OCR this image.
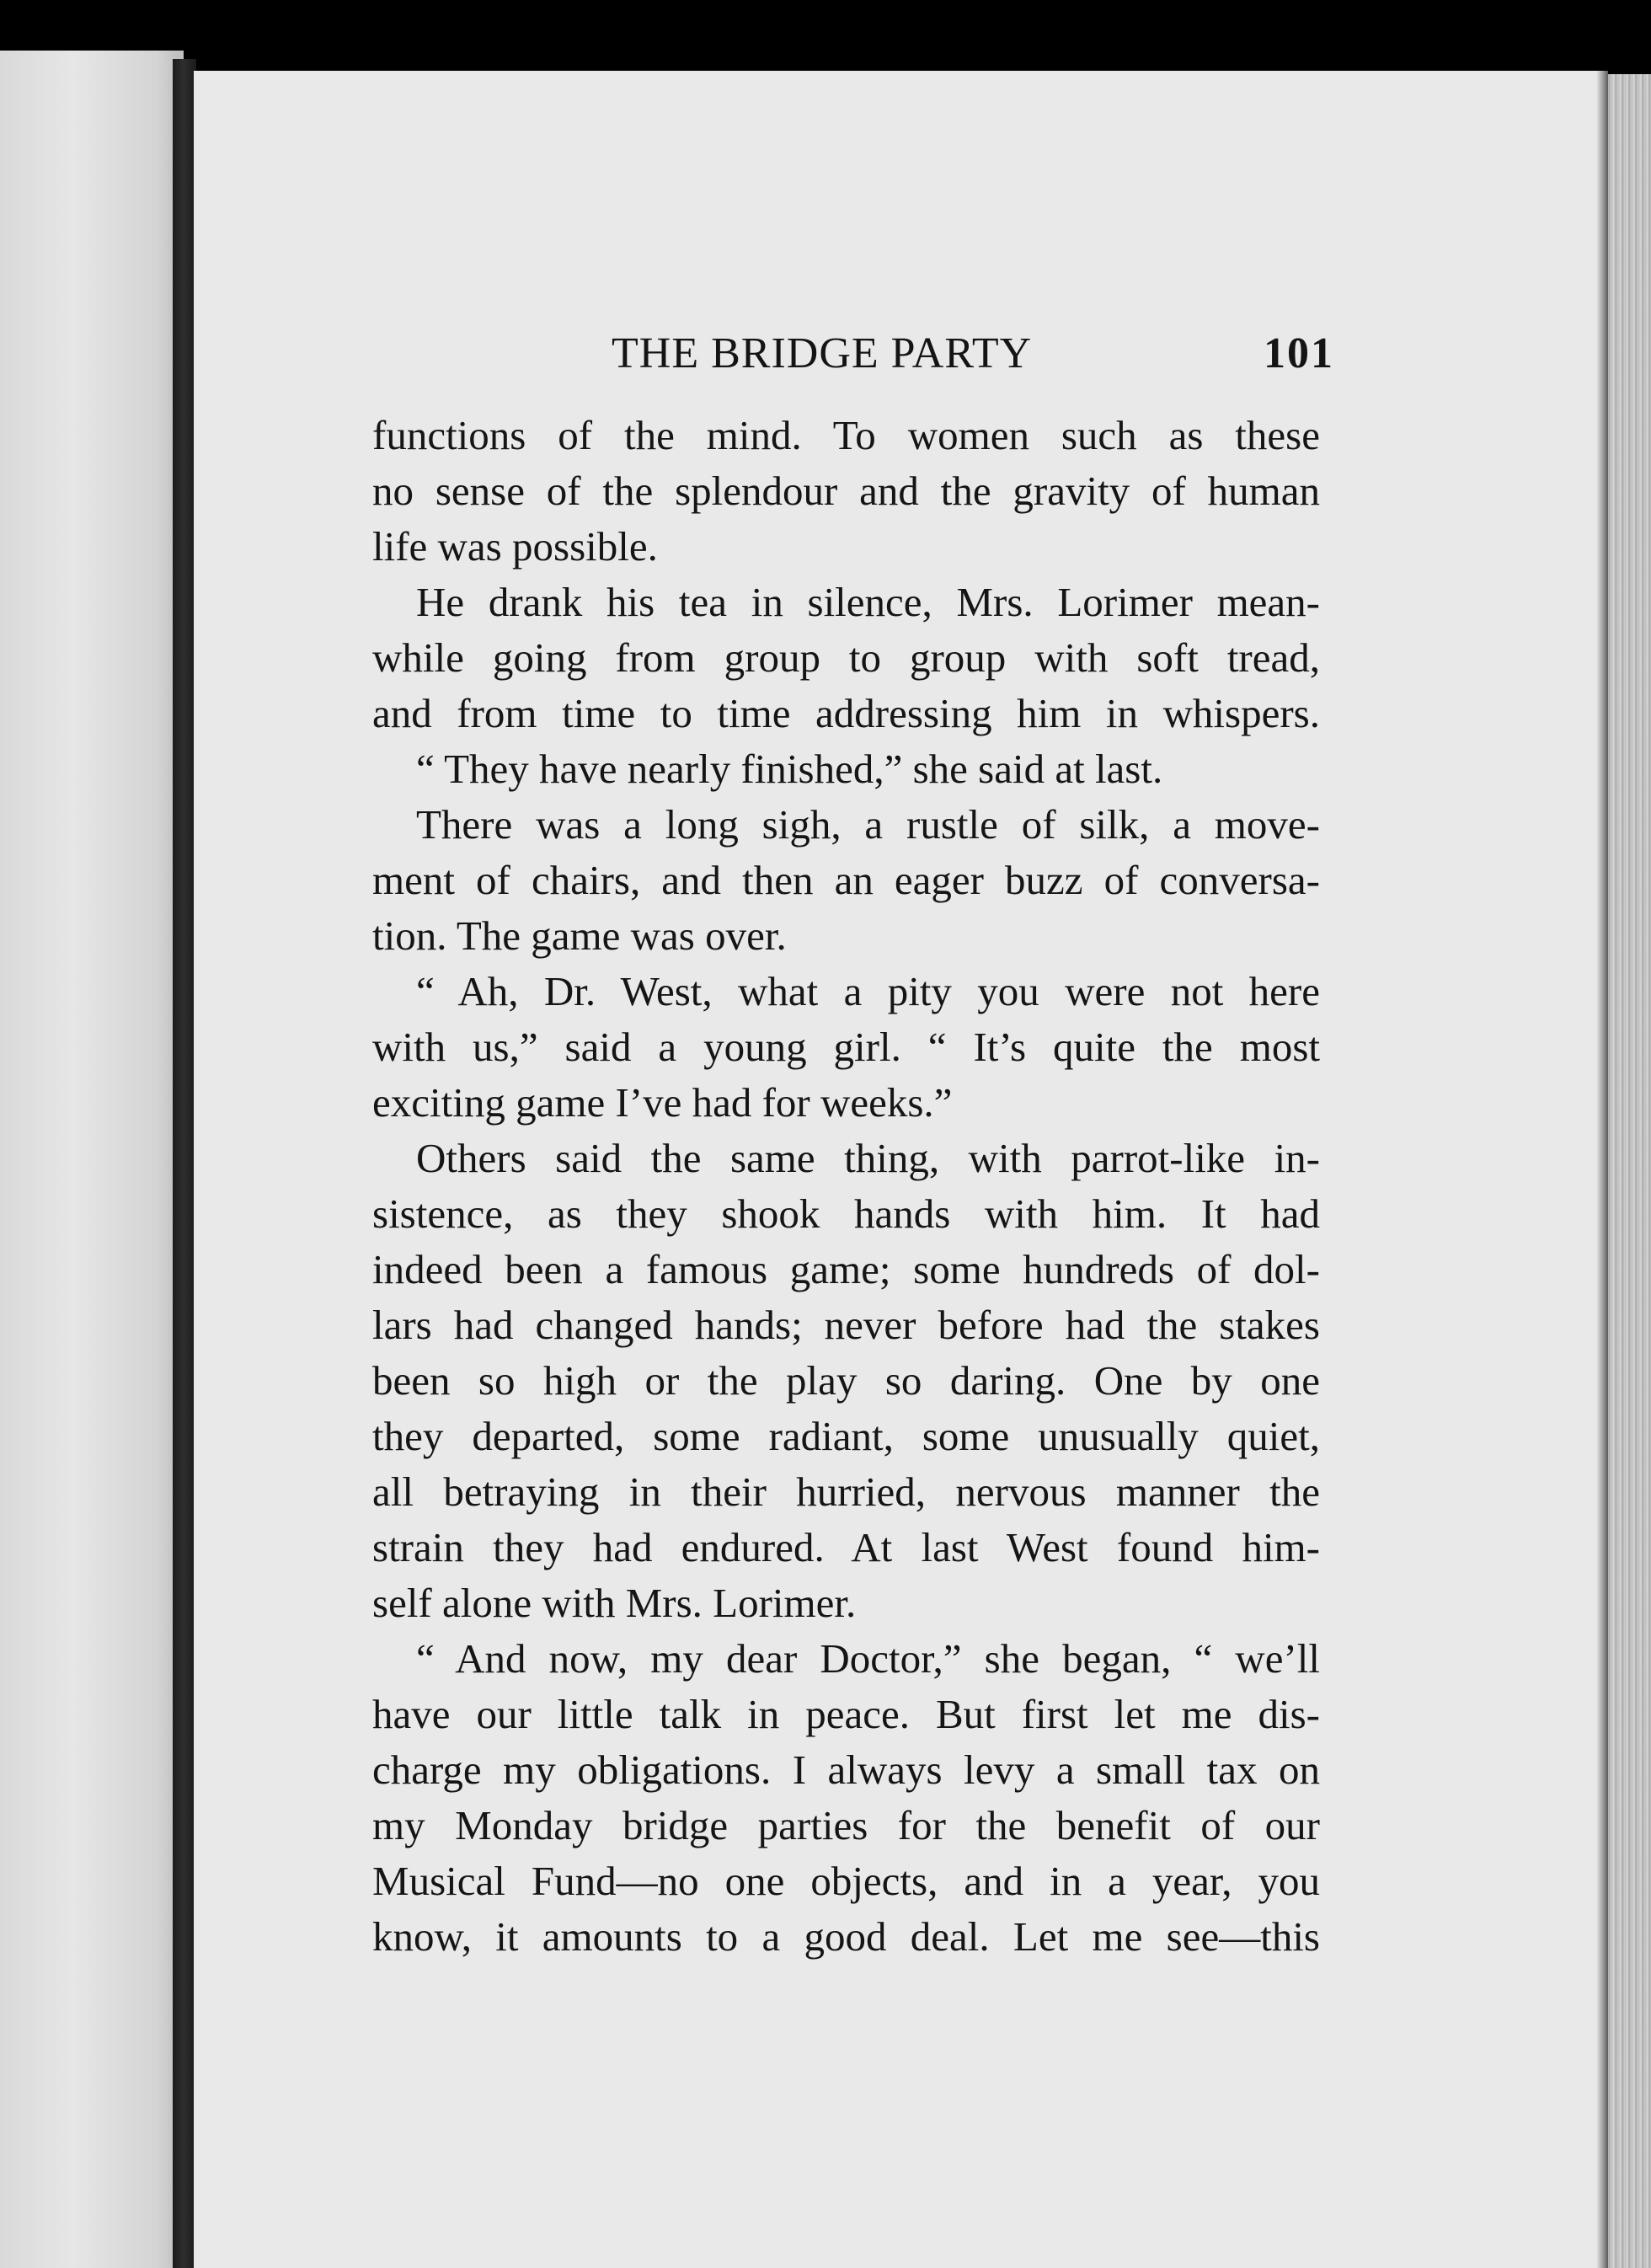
THE BRIDGE PARTY	101
functions of the mind. To women such as these
no sense of the splendour and the gravity of human
life was possible.
He drank his tea in silence, Mrs. Lorimer mean-
while going from group to group with soft tread,
and from time to time addressing him in whispers.
“ They have nearly finished,” she said at last.
There was a long sigh, a rustle of silk, a move-
ment of chairs, and then an eager buzz of conversa-
tion. The game was over.
“ Ah, Dr. West, what a pity you were not here
with us,” said a young girl. “ It’s quite the most
exciting game I’ve had for weeks.”
Others said the same thing, with parrot-like in-
sistence, as they shook hands with him. It had
indeed been a famous game; some hundreds of dol-
lars had changed hands; never before had the stakes
been so high or the play so daring. One by one
they departed, some radiant, some unusually quiet,
all betraying in their hurried, nervous manner the
strain they had endured. At last West found him-
self alone with Mrs. Lorimer.
“ And now, my dear Doctor,” she began, “ we’ll
have our little talk in peace. But first let me dis-
charge my obligations. I always levy a small tax on
my Monday bridge parties for the benefit of our
Musical Fund—no one objects, and in a year, you
know, it amounts to a good deal. Let me see—this
